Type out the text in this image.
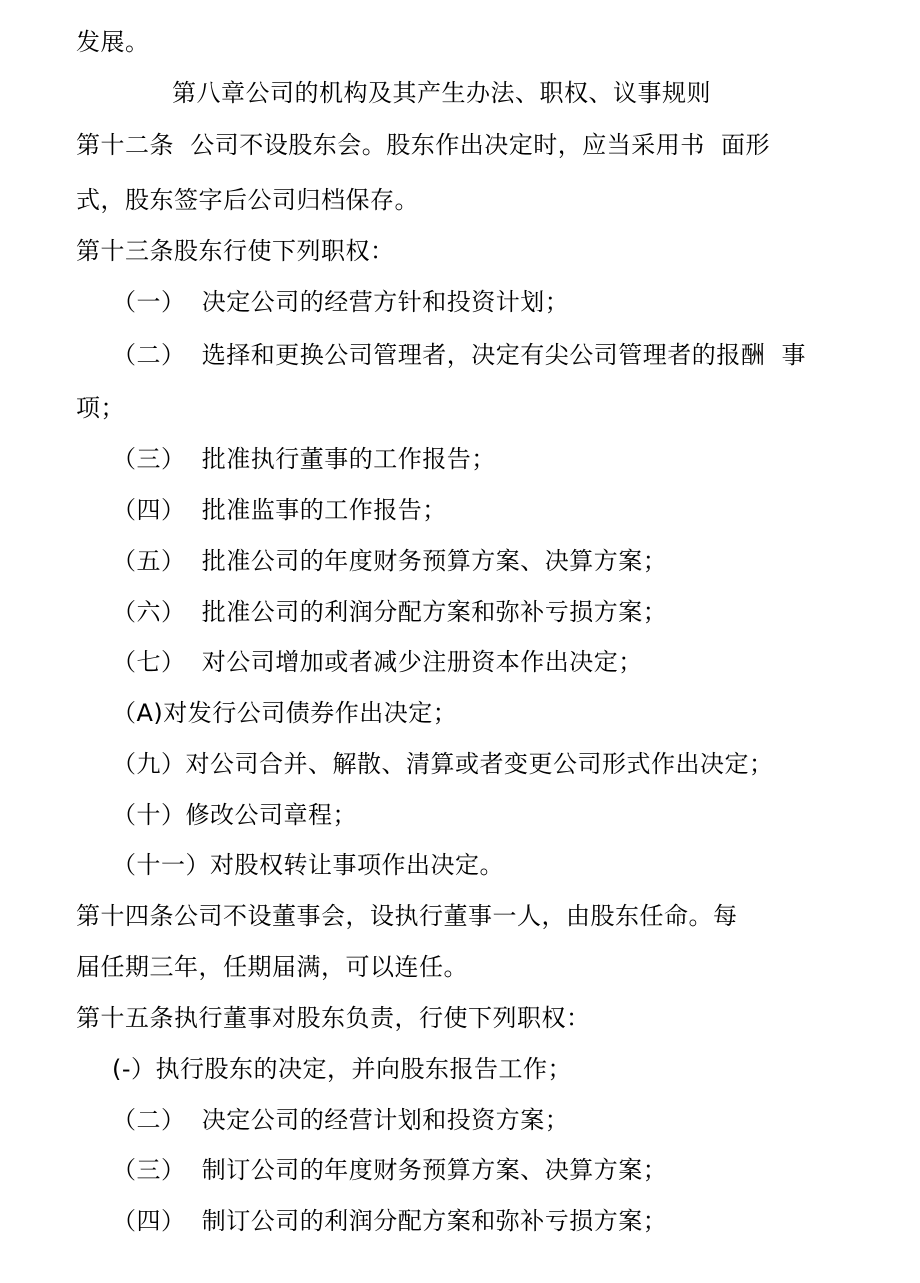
发展。
第八章公司的机构及其产生办法、职权、议事规则
第十二条  公司不设股东会。股东作出决定时，应当采用书  面形
式，股东签字后公司归档保存。
第十三条股东行使下列职权：
（一）  决定公司的经营方针和投资计划；
（二）  选择和更换公司管理者，决定有尖公司管理者的报酬  事
项；
（三）  批准执行董事的工作报告；
（四）  批准监事的工作报告；
（五）  批准公司的年度财务预算方案、决算方案；
（六）  批准公司的利润分配方案和弥补亏损方案；
（七）  对公司增加或者减少注册资本作出决定；
（A)对发行公司债券作出决定；
（九）对公司合并、解散、清算或者变更公司形式作出决定；
（十）修改公司章程；
（十一）对股权转让事项作出决定。
第十四条公司不设董事会，设执行董事一人，由股东任命。每
届任期三年，任期届满，可以连任。
第十五条执行董事对股东负责，行使下列职权：
(-）执行股东的决定，并向股东报告工作；
（二）  决定公司的经营计划和投资方案；
（三）  制订公司的年度财务预算方案、决算方案；
（四）  制订公司的利润分配方案和弥补亏损方案；
